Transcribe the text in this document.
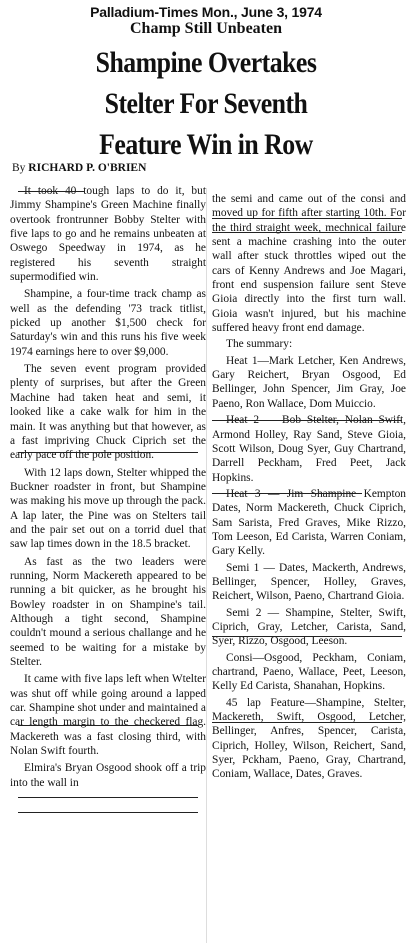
Palladium-Times Mon., June 3, 1974
Champ Still Unbeaten
Shampine Overtakes
Stelter For Seventh
Feature Win in Row
By RICHARD P. O'BRIEN

It took 40 tough laps to do it, but Jimmy Shampine's Green Machine finally overtook frontrunner Bobby Stelter with five laps to go and he remains unbeaten at Oswego Speedway in 1974, as he registered his seventh straight supermodified win.

Shampine, a four-time track champ as well as the defending '73 track titlist, picked up another $1,500 check for Saturday's win and this runs his five week 1974 earnings here to over $9,000.

The seven event program provided plenty of surprises, but after the Green Machine had taken heat and semi, it looked like a cake walk for him in the main. It was anything but that however, as a fast impriving Chuck Ciprich set the early pace off the pole position.

With 12 laps down, Stelter whipped the Buckner roadster in front, but Shampine was making his move up through the pack. A lap later, the Pine was on Stelters tail and the pair set out on a torrid duel that saw lap times down in the 18.5 bracket.

As fast as the two leaders were running, Norm Mackereth appeared to be running a bit quicker, as he brought his Bowley roadster in on Shampine's tail. Although a tight second, Shampine couldn't mound a serious challange and he seemed to be waiting for a mistake by Stelter.

It came with five laps left when Wtelter was shut off while going around a lapped car. Shampine shot under and maintained a car length margin to the checkered flag. Mackereth was a fast closing third, with Nolan Swift fourth.

Elmira's Bryan Osgood shook off a trip into the wall in

the semi and came out of the consi and moved up for fifth after starting 10th. For the third straight week, mechnical failure sent a machine crashing into the outer wall after stuck throttles wiped out the cars of Kenny Andrews and Joe Magari, front end suspension failure sent Steve Gioia directly into the first turn wall. Gioia wasn't injured, but his machine suffered heavy front end damage.

The summary:

Heat 1—Mark Letcher, Ken Andrews, Gary Reichert, Bryan Osgood, Ed Bellinger, John Spencer, Jim Gray, Joe Paeno, Ron Wallace, Dom Muiccio.

Heat 2 — Bob Stelter, Nolan Swift, Armond Holley, Ray Sand, Steve Gioia, Scott Wilson, Doug Syer, Guy Chartrand, Darrell Peckham, Fred Peet, Jack Hopkins.

Heat 3 — Jim Shampine Kempton Dates, Norm Mackereth, Chuck Ciprich, Sam Sarista, Fred Graves, Mike Rizzo, Tom Leeson, Ed Carista, Warren Coniam, Gary Kelly.

Semi 1 — Dates, Mackerth, Andrews, Bellinger, Spencer, Holley, Graves, Reichert, Wilson, Paeno, Chartrand Gioia.

Semi 2 — Shampine, Stelter, Swift, Ciprich, Gray, Letcher, Carista, Sand, Syer, Rizzo, Osgood, Leeson.

Consi—Osgood, Peckham, Coniam, chartrand, Paeno, Wallace, Peet, Leeson, Kelly Ed Carista, Shanahan, Hopkins.

45 lap Feature—Shampine, Stelter, Mackereth, Swift, Osgood, Letcher, Bellinger, Anfres, Spencer, Carista, Ciprich, Holley, Wilson, Reichert, Sand, Syer, Pckham, Paeno, Gray, Chartrand, Coniam, Wallace, Dates, Graves.
